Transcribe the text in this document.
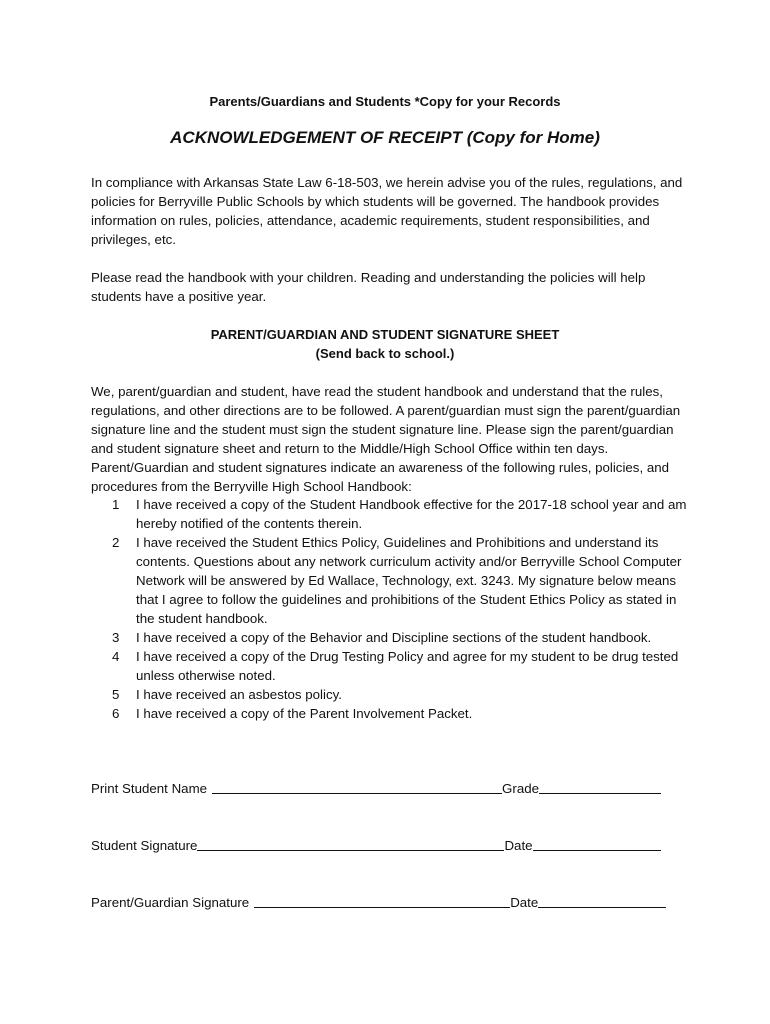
Parents/Guardians and Students *Copy for your Records
ACKNOWLEDGEMENT OF RECEIPT (Copy for Home)

In compliance with Arkansas State Law 6-18-503, we herein advise you of the rules, regulations, and policies for Berryville Public Schools by which students will be governed. The handbook provides information on rules, policies, attendance, academic requirements, student responsibilities, and privileges, etc.

Please read the handbook with your children. Reading and understanding the policies will help students have a positive year.

PARENT/GUARDIAN AND STUDENT SIGNATURE SHEET
(Send back to school.)

We, parent/guardian and student, have read the student handbook and understand that the rules, regulations, and other directions are to be followed. A parent/guardian must sign the parent/guardian signature line and the student must sign the student signature line. Please sign the parent/guardian and student signature sheet and return to the Middle/High School Office within ten days. Parent/Guardian and student signatures indicate an awareness of the following rules, policies, and procedures from the Berryville High School Handbook:

1 I have received a copy of the Student Handbook effective for the 2017-18 school year and am hereby notified of the contents therein.
2 I have received the Student Ethics Policy, Guidelines and Prohibitions and understand its contents. Questions about any network curriculum activity and/or Berryville School Computer Network will be answered by Ed Wallace, Technology, ext. 3243. My signature below means that I agree to follow the guidelines and prohibitions of the Student Ethics Policy as stated in the student handbook.
3 I have received a copy of the Behavior and Discipline sections of the student handbook.
4 I have received a copy of the Drug Testing Policy and agree for my student to be drug tested unless otherwise noted.
5 I have received an asbestos policy.
6 I have received a copy of the Parent Involvement Packet.
Print Student Name	Grade
Student Signature	Date
Parent/Guardian Signature	Date
